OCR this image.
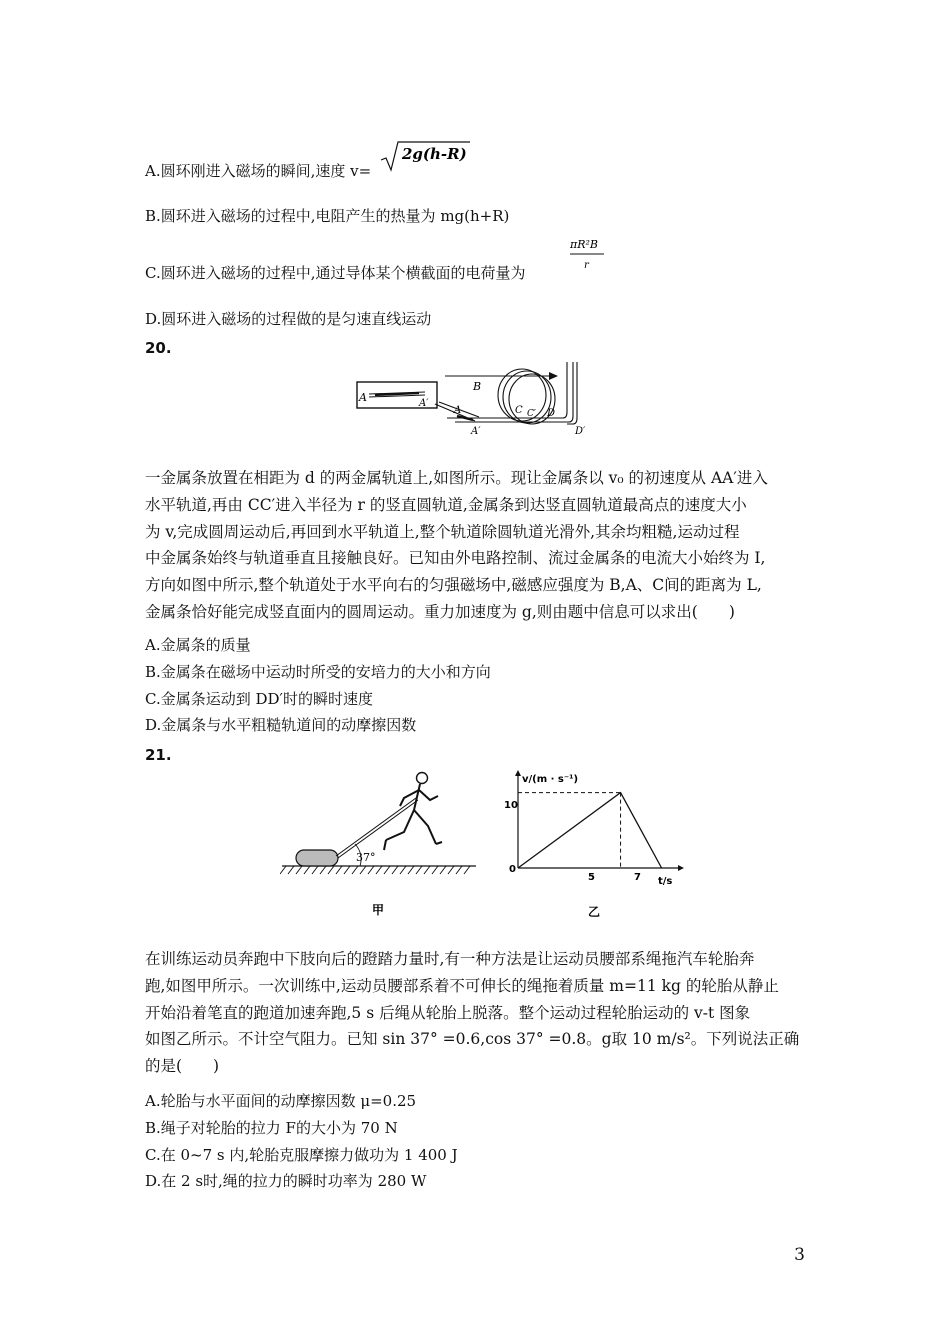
A.圆环刚进入磁场的瞬间,速度 v=
2g(h-R)
B.圆环进入磁场的过程中,电阻产生的热量为 mg(h+R)
C.圆环进入磁场的过程中,通过导体某个横截面的电荷量为
πR²B
r
D.圆环进入磁场的过程做的是匀速直线运动
20.
A	A′
B
A
A′
C C′ D
D′
一金属条放置在相距为 d 的两金属轨道上,如图所示。现让金属条以 v₀ 的初速度从 AA′进入
水平轨道,再由 CC′进入半径为 r 的竖直圆轨道,金属条到达竖直圆轨道最高点的速度大小
为 v,完成圆周运动后,再回到水平轨道上,整个轨道除圆轨道光滑外,其余均粗糙,运动过程
中金属条始终与轨道垂直且接触良好。已知由外电路控制、流过金属条的电流大小始终为 I,
方向如图中所示,整个轨道处于水平向右的匀强磁场中,磁感应强度为 B,A、C间的距离为 L,
金属条恰好能完成竖直面内的圆周运动。重力加速度为 g,则由题中信息可以求出(　　)
A.金属条的质量
B.金属条在磁场中运动时所受的安培力的大小和方向
C.金属条运动到 DD′时的瞬时速度
D.金属条与水平粗糙轨道间的动摩擦因数
21.
37°
甲
v/(m · s⁻¹)
t/s
10
0
5	7
乙
在训练运动员奔跑中下肢向后的蹬踏力量时,有一种方法是让运动员腰部系绳拖汽车轮胎奔
跑,如图甲所示。一次训练中,运动员腰部系着不可伸长的绳拖着质量 m=11 kg 的轮胎从静止
开始沿着笔直的跑道加速奔跑,5 s 后绳从轮胎上脱落。整个运动过程轮胎运动的 v-t 图象
如图乙所示。不计空气阻力。已知 sin 37° =0.6,cos 37° =0.8。g取 10 m/s²。下列说法正确
的是(　　)
A.轮胎与水平面间的动摩擦因数 μ=0.25
B.绳子对轮胎的拉力 F的大小为 70 N
C.在 0~7 s 内,轮胎克服摩擦力做功为 1 400 J
D.在 2 s时,绳的拉力的瞬时功率为 280 W
3
